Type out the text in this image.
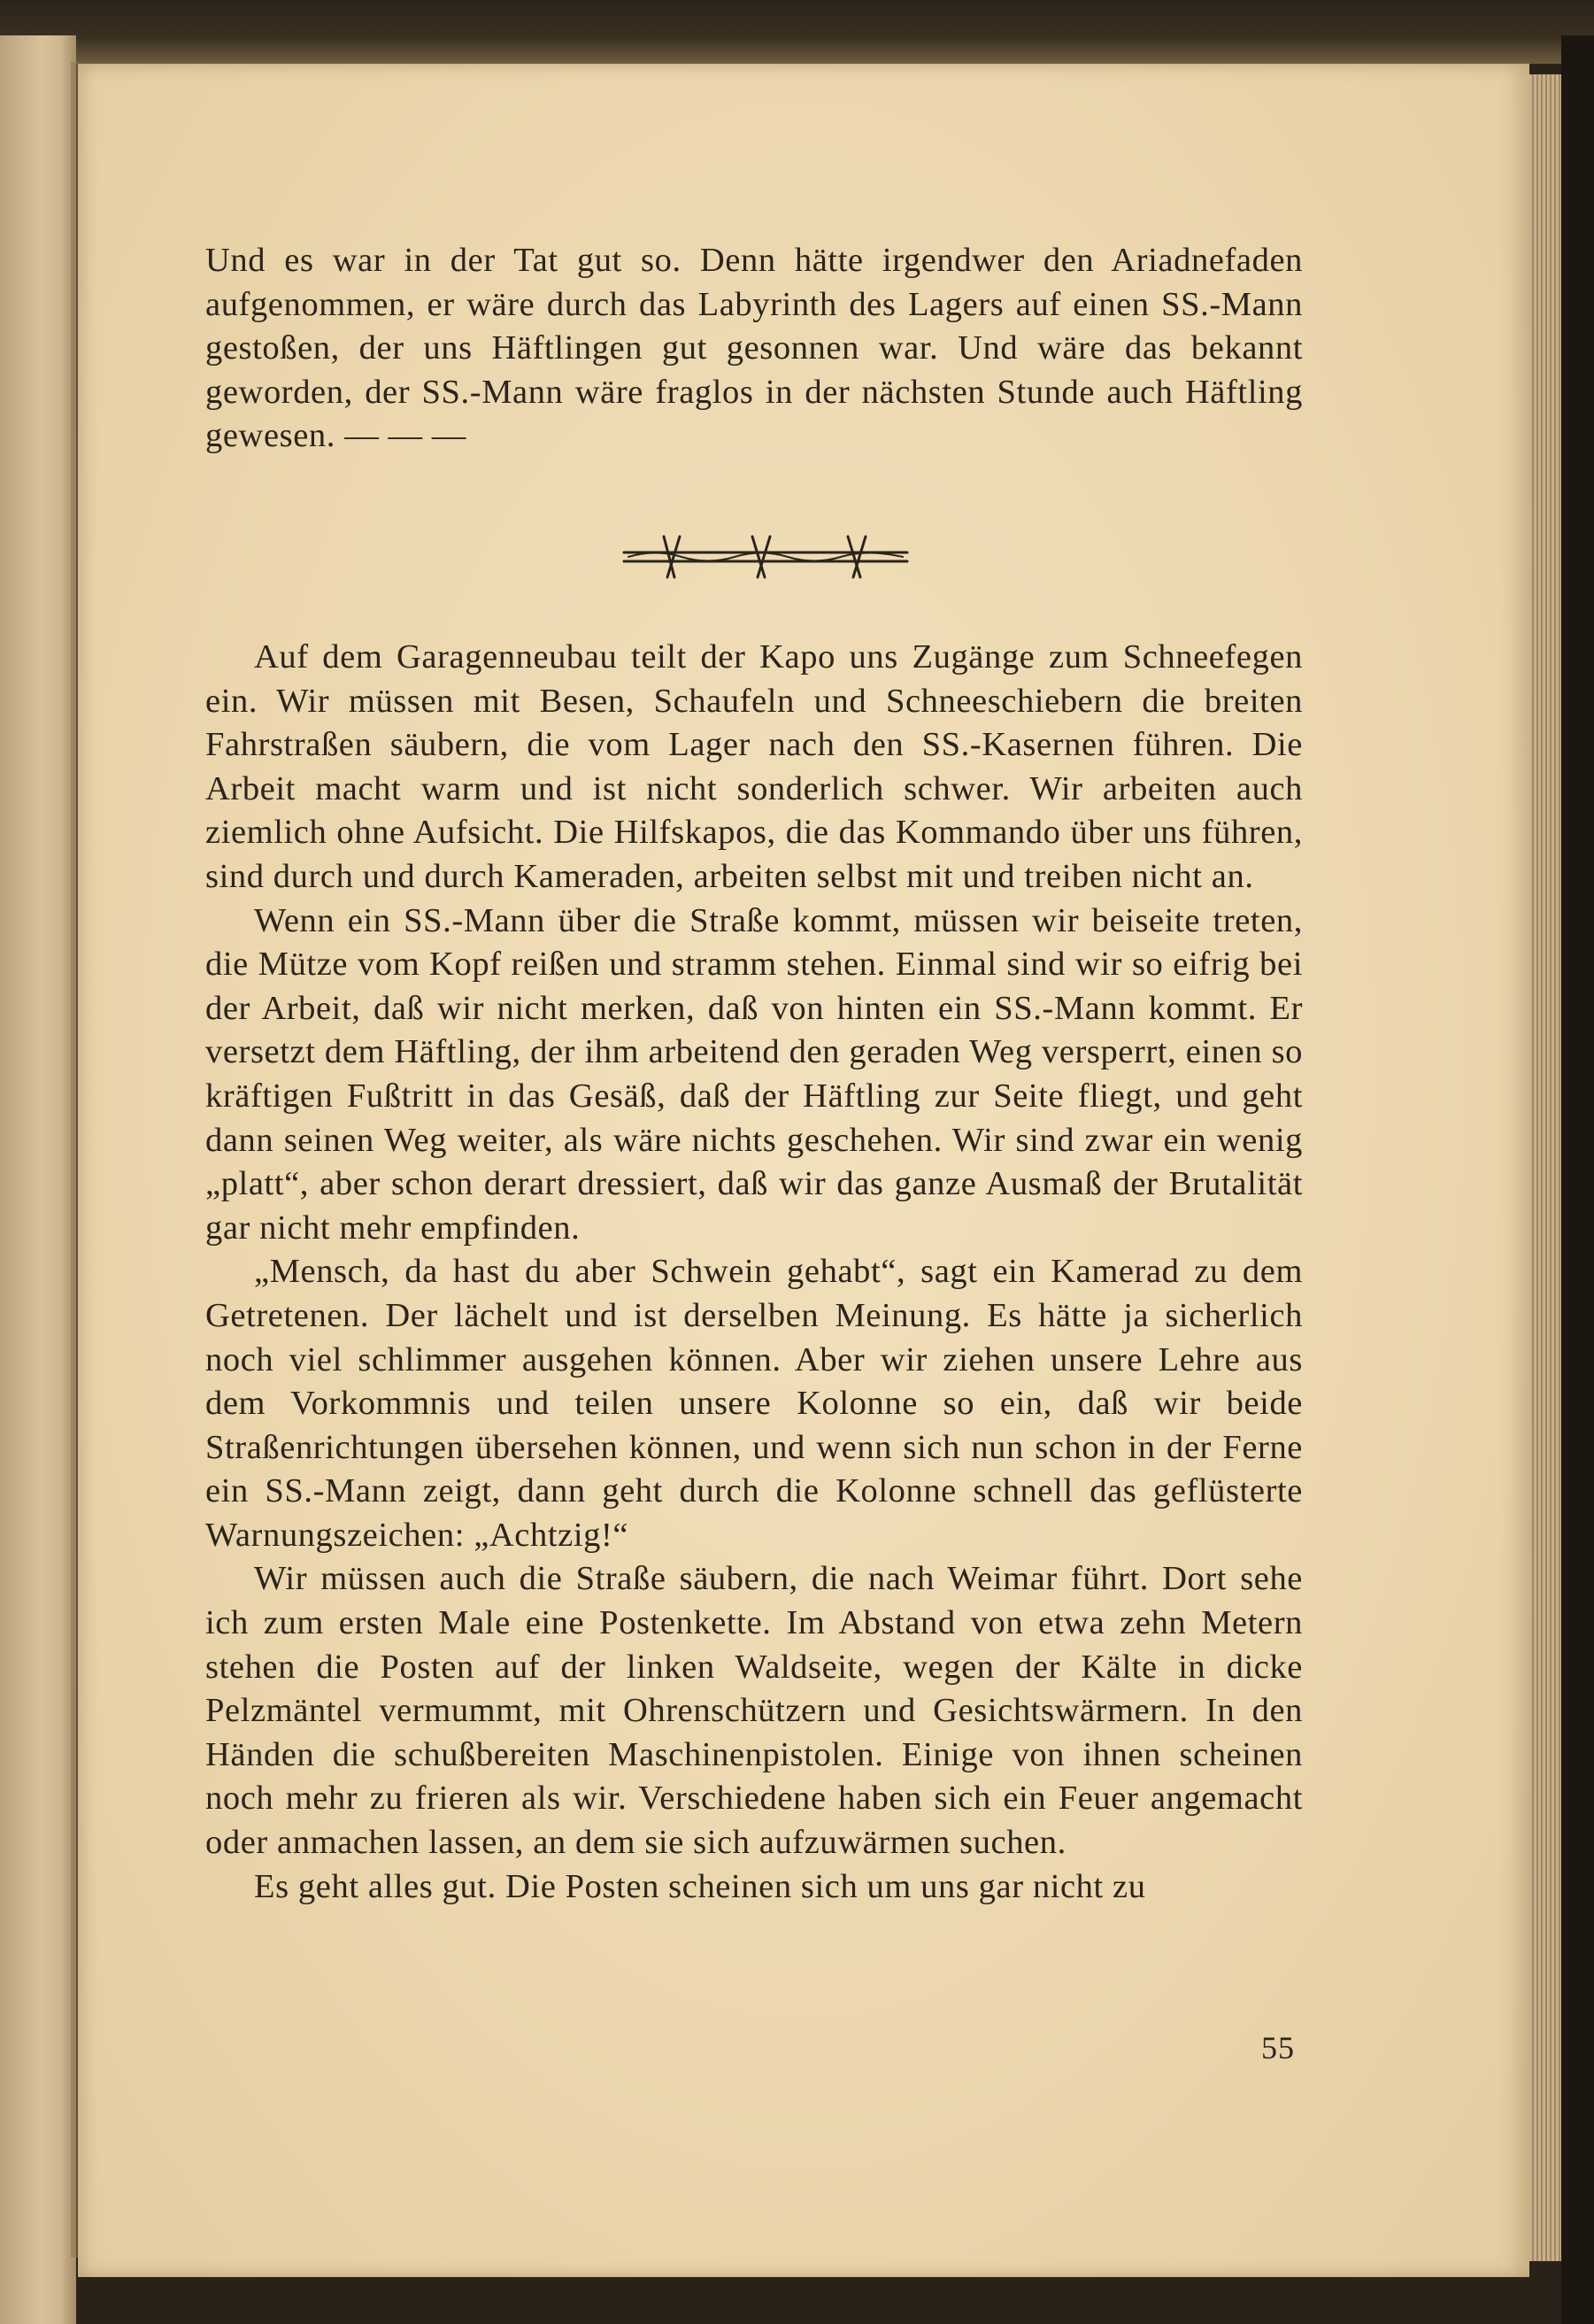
Und es war in der Tat gut so. Denn hätte irgendwer den Ariadnefaden aufgenommen, er wäre durch das Labyrinth des Lagers auf einen SS.-Mann gestoßen, der uns Häftlingen gut gesonnen war. Und wäre das bekannt geworden, der SS.-Mann wäre fraglos in der nächsten Stunde auch Häftling gewesen. — — —

Auf dem Garagenneubau teilt der Kapo uns Zugänge zum Schneefegen ein. Wir müssen mit Besen, Schaufeln und Schneeschiebern die breiten Fahrstraßen säubern, die vom Lager nach den SS.-Kasernen führen. Die Arbeit macht warm und ist nicht sonderlich schwer. Wir arbeiten auch ziemlich ohne Aufsicht. Die Hilfskapos, die das Kommando über uns führen, sind durch und durch Kameraden, arbeiten selbst mit und treiben nicht an.

Wenn ein SS.-Mann über die Straße kommt, müssen wir beiseite treten, die Mütze vom Kopf reißen und stramm stehen. Einmal sind wir so eifrig bei der Arbeit, daß wir nicht merken, daß von hinten ein SS.-Mann kommt. Er versetzt dem Häftling, der ihm arbeitend den geraden Weg versperrt, einen so kräftigen Fußtritt in das Gesäß, daß der Häftling zur Seite fliegt, und geht dann seinen Weg weiter, als wäre nichts geschehen. Wir sind zwar ein wenig „platt“, aber schon derart dressiert, daß wir das ganze Ausmaß der Brutalität gar nicht mehr empfinden.

„Mensch, da hast du aber Schwein gehabt“, sagt ein Kamerad zu dem Getretenen. Der lächelt und ist derselben Meinung. Es hätte ja sicherlich noch viel schlimmer ausgehen können. Aber wir ziehen unsere Lehre aus dem Vorkommnis und teilen unsere Kolonne so ein, daß wir beide Straßenrichtungen übersehen können, und wenn sich nun schon in der Ferne ein SS.-Mann zeigt, dann geht durch die Kolonne schnell das geflüsterte Warnungszeichen: „Achtzig!“

Wir müssen auch die Straße säubern, die nach Weimar führt. Dort sehe ich zum ersten Male eine Postenkette. Im Abstand von etwa zehn Metern stehen die Posten auf der linken Waldseite, wegen der Kälte in dicke Pelzmäntel vermummt, mit Ohrenschützern und Gesichtswärmern. In den Händen die schußbereiten Maschinenpistolen. Einige von ihnen scheinen noch mehr zu frieren als wir. Verschiedene haben sich ein Feuer angemacht oder anmachen lassen, an dem sie sich aufzuwärmen suchen.

Es geht alles gut. Die Posten scheinen sich um uns gar nicht zu

55
